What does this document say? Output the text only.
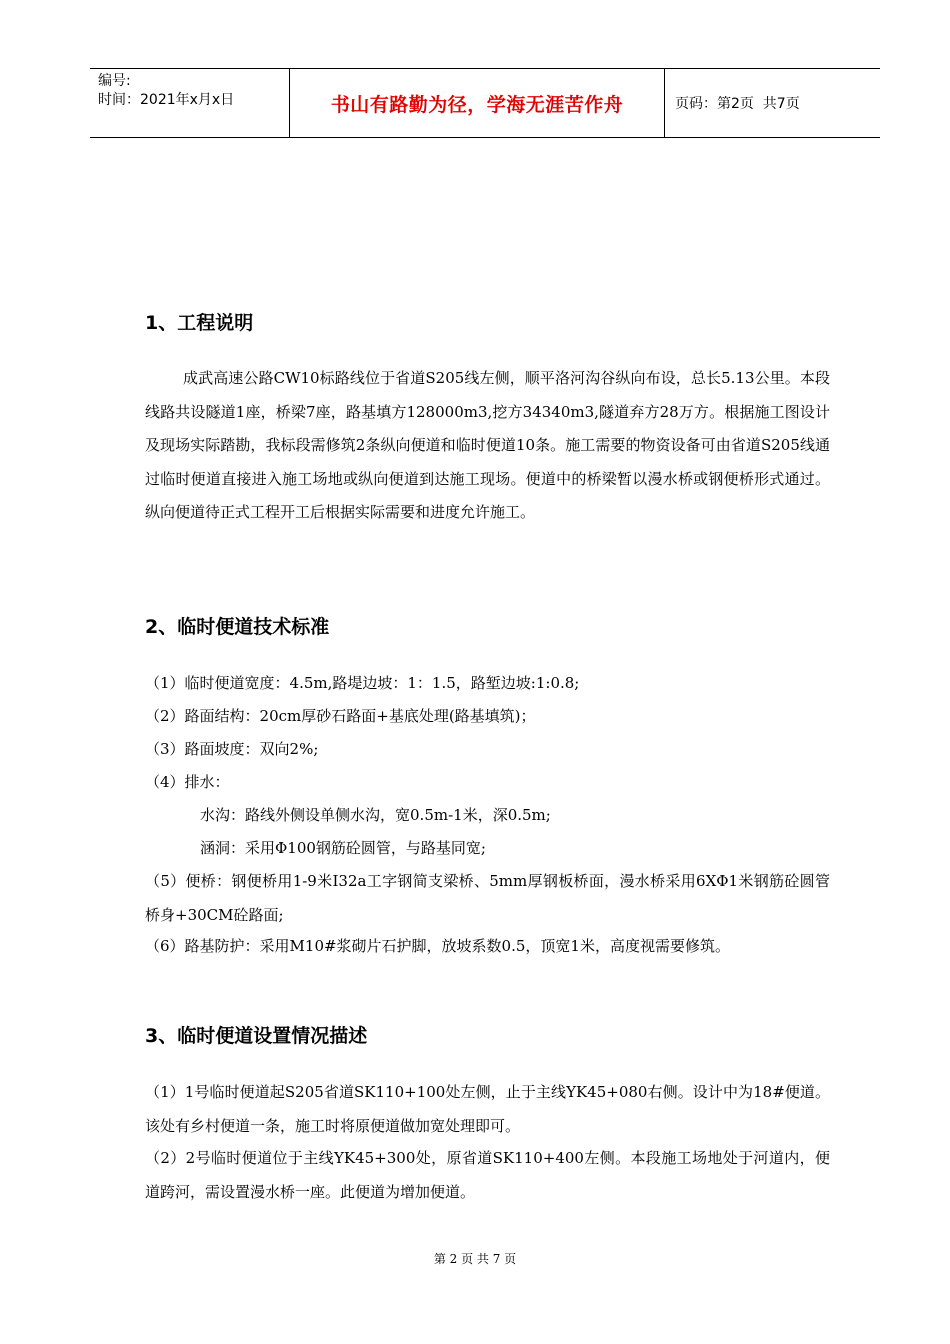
编号:
时间：2021年x月x日	书山有路勤为径，学海无涯苦作舟	页码：第2页  共7页
1、工程说明

成武高速公路CW10标路线位于省道S205线左侧，顺平洛河沟谷纵向布设，总长5.13公里。本段线路共设隧道1座，桥梁7座，路基填方128000m3,挖方34340m3,隧道弃方28万方。根据施工图设计及现场实际踏勘，我标段需修筑2条纵向便道和临时便道10条。施工需要的物资设备可由省道S205线通过临时便道直接进入施工场地或纵向便道到达施工现场。便道中的桥梁暂以漫水桥或钢便桥形式通过。纵向便道待正式工程开工后根据实际需要和进度允许施工。

2、临时便道技术标准

（1）临时便道宽度：4.5m,路堤边坡：1：1.5，路堑边坡:1:0.8;

（2）路面结构：20cm厚砂石路面+基底处理(路基填筑)；

（3）路面坡度：双向2%;

（4）排水：

水沟：路线外侧设单侧水沟，宽0.5m-1米，深0.5m;

涵洞：采用Φ100钢筋砼圆管，与路基同宽;

（5）便桥：钢便桥用1-9米I32a工字钢简支梁桥、5mm厚钢板桥面，漫水桥采用6XΦ1米钢筋砼圆管桥身+30CM砼路面;

（6）路基防护：采用M10#浆砌片石护脚，放坡系数0.5，顶宽1米，高度视需要修筑。

3、临时便道设置情况描述

（1）1号临时便道起S205省道SK110+100处左侧，止于主线YK45+080右侧。设计中为18#便道。该处有乡村便道一条，施工时将原便道做加宽处理即可。

（2）2号临时便道位于主线YK45+300处，原省道SK110+400左侧。本段施工场地处于河道内，便道跨河，需设置漫水桥一座。此便道为增加便道。

第 2 页 共 7 页
